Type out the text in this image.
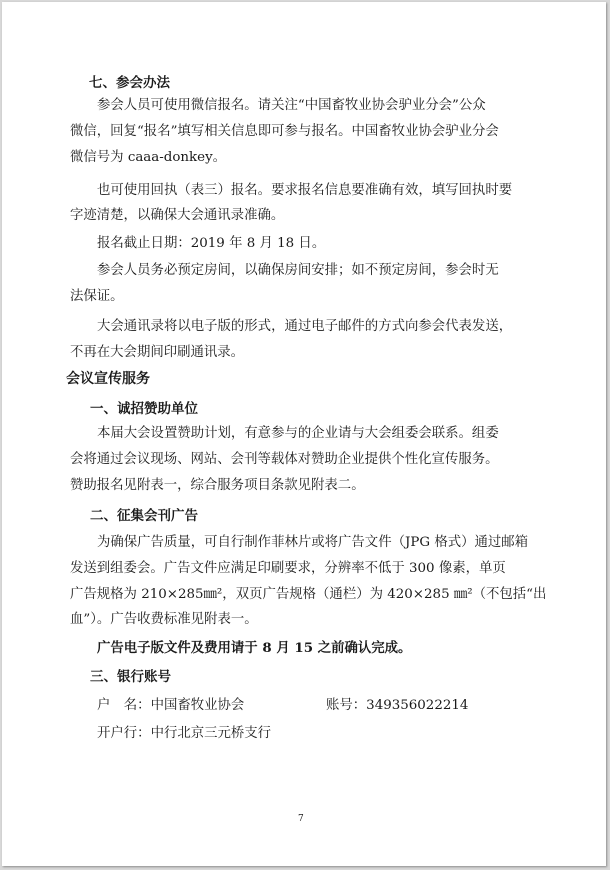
七、参会办法
参会人员可使用微信报名。请关注“中国畜牧业协会驴业分会”公众
微信，回复“报名”填写相关信息即可参与报名。中国畜牧业协会驴业分会
微信号为 caaa-donkey。
也可使用回执（表三）报名。要求报名信息要准确有效，填写回执时要
字迹清楚，以确保大会通讯录准确。
报名截止日期：2019 年 8 月 18 日。
参会人员务必预定房间，以确保房间安排；如不预定房间，参会时无
法保证。
大会通讯录将以电子版的形式，通过电子邮件的方式向参会代表发送，
不再在大会期间印刷通讯录。
会议宣传服务
一、诚招赞助单位
本届大会设置赞助计划，有意参与的企业请与大会组委会联系。组委
会将通过会议现场、网站、会刊等载体对赞助企业提供个性化宣传服务。
赞助报名见附表一，综合服务项目条款见附表二。
二、征集会刊广告
为确保广告质量，可自行制作菲林片或将广告文件（JPG 格式）通过邮箱
发送到组委会。广告文件应满足印刷要求，分辨率不低于 300 像素，单页
广告规格为 210×285㎜²，双页广告规格（通栏）为 420×285 ㎜²（不包括“出
血”）。广告收费标准见附表一。
广告电子版文件及费用请于 8 月 15 之前确认完成。
三、银行账号
户　名：中国畜牧业协会	账号：349356022214
开户行：中行北京三元桥支行
7
